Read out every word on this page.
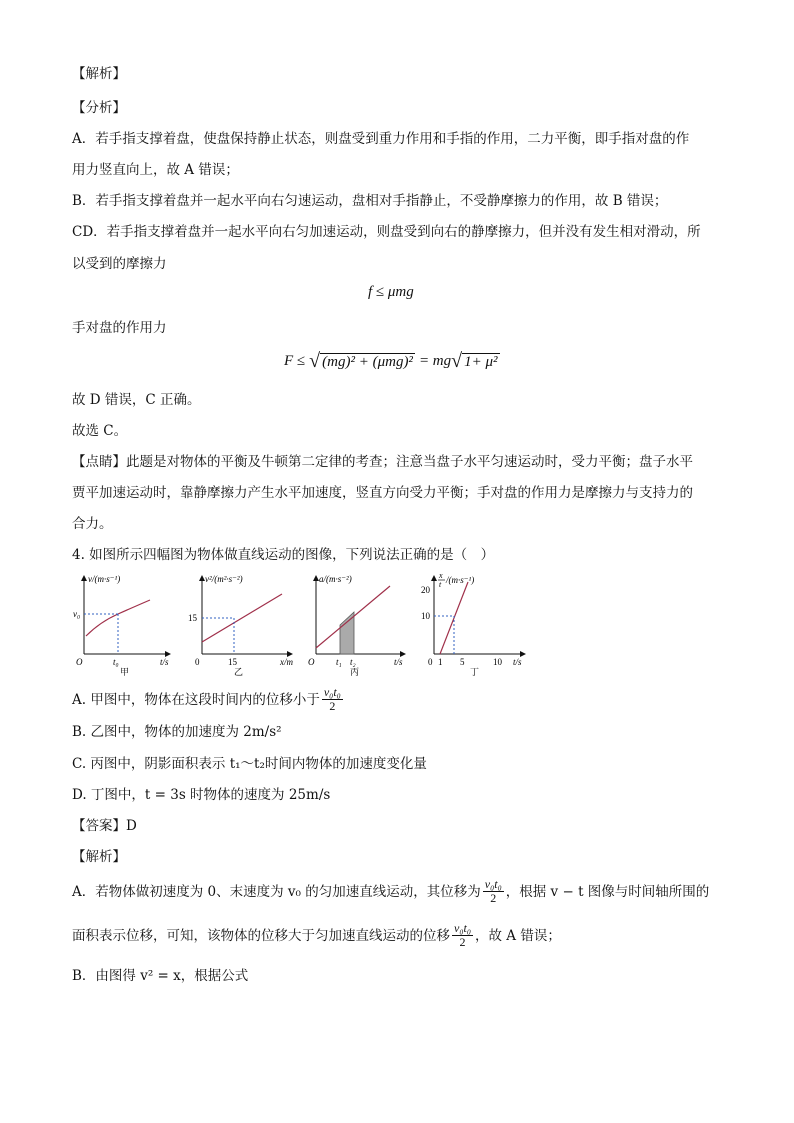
【解析】
【分析】
A．若手指支撑着盘，使盘保持静止状态，则盘受到重力作用和手指的作用，二力平衡，即手指对盘的作
用力竖直向上，故 A 错误；
B．若手指支撑着盘并一起水平向右匀速运动，盘相对手指静止，不受静摩擦力的作用，故 B 错误；
CD．若手指支撑着盘并一起水平向右匀加速运动，则盘受到向右的静摩擦力，但并没有发生相对滑动，所
以受到的摩擦力
f ≤ μmg
手对盘的作用力
F ≤ √ (mg)² + (μmg)² = mg √ 1+ μ²
故 D 错误，C 正确。
故选 C。
【点睛】此题是对物体的平衡及牛顿第二定律的考查；注意当盘子水平匀速运动时，受力平衡；盘子水平
贾平加速运动时，靠静摩擦力产生水平加速度，竖直方向受力平衡；手对盘的作用力是摩擦力与支持力的
合力。
4. 如图所示四幅图为物体做直线运动的图像，下列说法正确的是（　）
v/(m·s⁻¹)
v₀
O	t₀	t/s
甲
v²/(m²·s⁻²)
15
0	15	x/m
乙
a/(m·s⁻²)
O t₁ t₂	t/s
丙
x
t /(m·s⁻¹)
20
10
0 1 5	10 t/s
丁
A. 甲图中，物体在这段时间内的位移小于 $\frac{\text{v₀t₀}}{2}$
B. 乙图中，物体的加速度为 2m/s²
C. 丙图中，阴影面积表示 t₁～t₂时间内物体的加速度变化量
D. 丁图中，t = 3s 时物体的速度为 25m/s
【答案】D
【解析】
A．若物体做初速度为 0、末速度为 v₀ 的匀加速直线运动，其位移为 $\frac{\text{v₀t₀}}{2}$ ，根据 v − t 图像与时间轴所围的
面积表示位移，可知，该物体的位移大于匀加速直线运动的位移 $\frac{\text{v₀t₀}}{2}$ ，故 A 错误；
B．由图得 v² = x，根据公式
